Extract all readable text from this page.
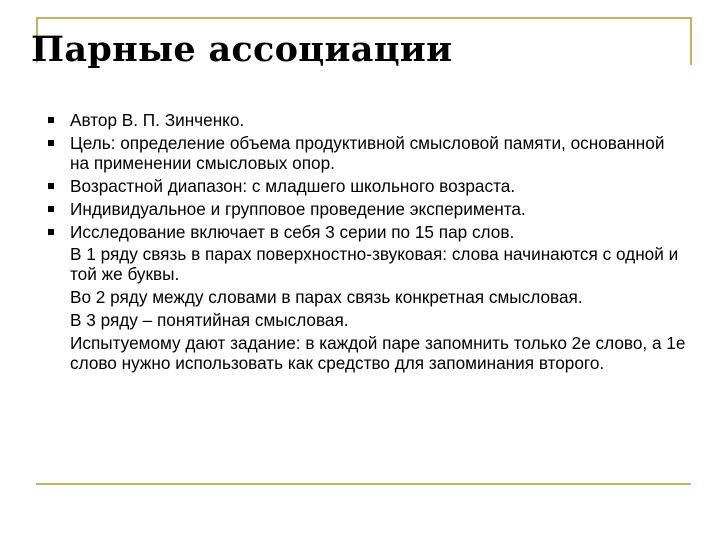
Парные ассоциации
Автор В. П. Зинченко.
Цель: определение объема продуктивной смысловой памяти, основанной на применении смысловых опор.
Возрастной диапазон: с младшего школьного возраста.
Индивидуальное и групповое проведение эксперимента.
Исследование включает в себя 3 серии по 15 пар слов.

В 1 ряду связь в парах поверхностно-звуковая: слова начинаются с одной и той же буквы.

Во 2 ряду между словами в парах связь конкретная смысловая.

В 3 ряду – понятийная смысловая.

Испытуемому дают задание: в каждой паре запомнить только 2е слово, а 1е слово нужно использовать как средство для запоминания второго.
